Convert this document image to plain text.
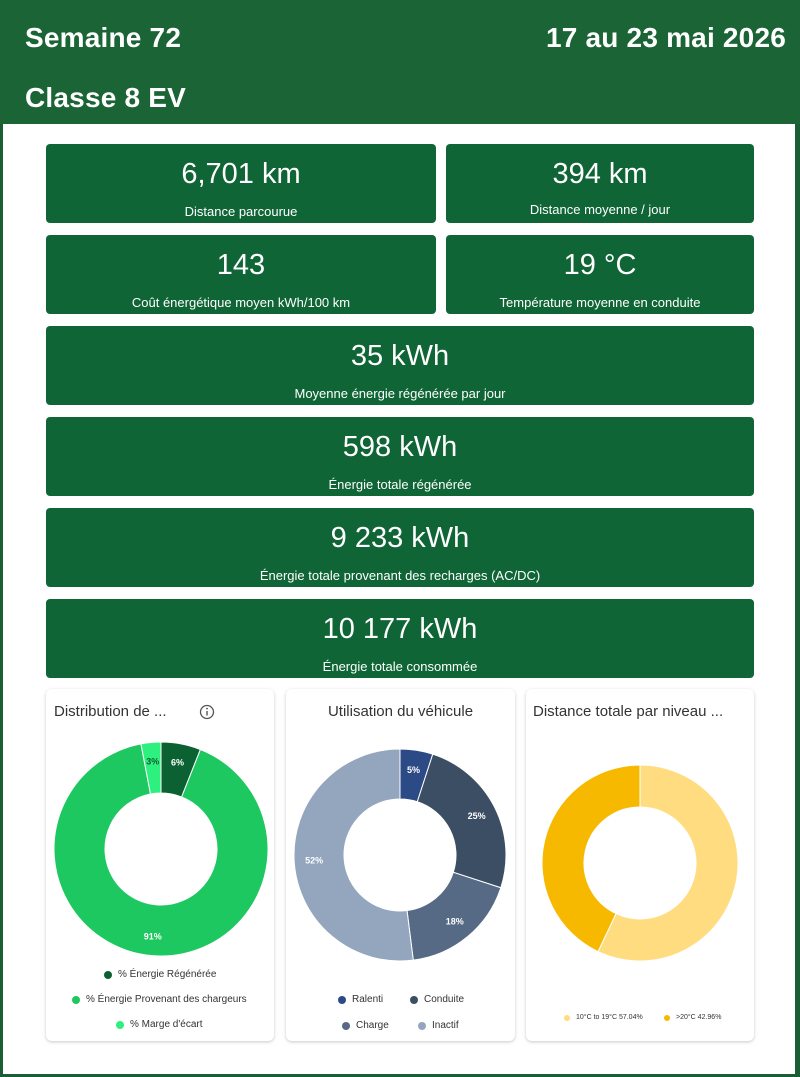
Semaine 72	17 au 23 mai 2026
Classe 8 EV
6,701 km
Distance parcourue
394 km
Distance moyenne / jour
143
Coût énergétique moyen kWh/100 km
19 °C
Température moyenne en conduite
35 kWh
Moyenne énergie régénérée par jour
598 kWh
Énergie totale régénérée
9 233 kWh
Énergie totale provenant des recharges (AC/DC)
10 177 kWh
Énergie totale consommée
Distribution de ...
6%
91%
3%
% Énergie Régénérée
% Énergie Provenant des chargeurs
% Marge d'écart
Utilisation du véhicule
5%
25%
18%
52%
Ralenti	Conduite
Charge	Inactif
Distance totale par niveau ...
10°C to 19°C 57.04%	>20°C 42.96%
